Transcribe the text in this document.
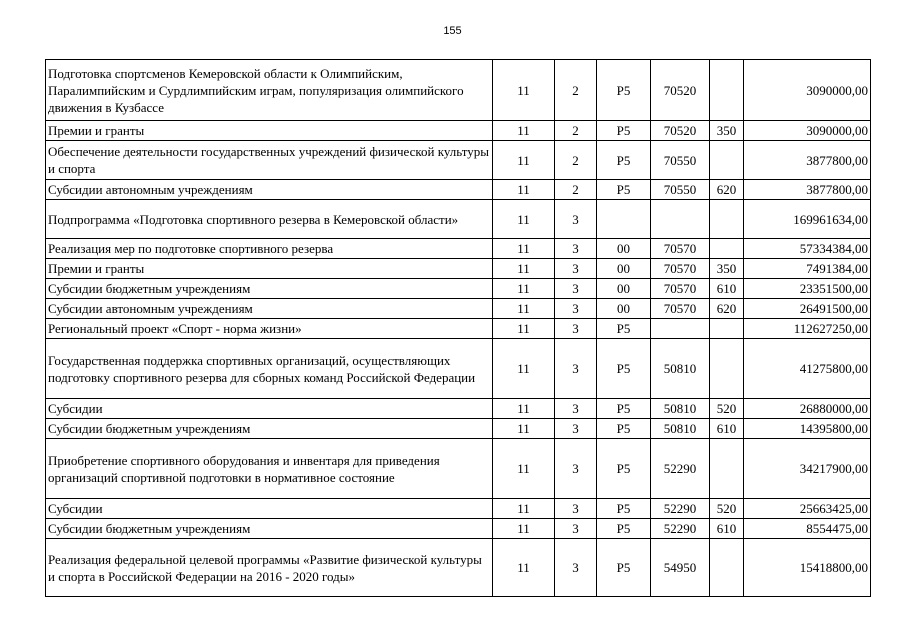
155
Подготовка спортсменов Кемеровской области к Олимпийским, Паралимпийским и Сурдлимпийским играм, популяризация олимпийского движения в Кузбассе	11	2	Р5	70520		3090000,00
Премии и гранты	11	2	Р5	70520	350	3090000,00
Обеспечение деятельности государственных учреждений физической культуры и спорта	11	2	Р5	70550		3877800,00
Субсидии автономным учреждениям	11	2	Р5	70550	620	3877800,00
Подпрограмма «Подготовка спортивного резерва в Кемеровской области»	11	3				169961634,00
Реализация мер по подготовке спортивного резерва	11	3	00	70570		57334384,00
Премии и гранты	11	3	00	70570	350	7491384,00
Субсидии бюджетным учреждениям	11	3	00	70570	610	23351500,00
Субсидии автономным учреждениям	11	3	00	70570	620	26491500,00
Региональный проект «Спорт - норма жизни»	11	3	Р5			112627250,00
Государственная поддержка спортивных организаций, осуществляющих подготовку спортивного резерва для сборных команд Российской Федерации	11	3	Р5	50810		41275800,00
Субсидии	11	3	Р5	50810	520	26880000,00
Субсидии бюджетным учреждениям	11	3	Р5	50810	610	14395800,00
Приобретение спортивного оборудования и инвентаря для приведения организаций спортивной подготовки в нормативное состояние	11	3	Р5	52290		34217900,00
Субсидии	11	3	Р5	52290	520	25663425,00
Субсидии бюджетным учреждениям	11	3	Р5	52290	610	8554475,00
Реализация федеральной целевой программы «Развитие физической культуры и спорта в Российской Федерации на 2016 - 2020 годы»	11	3	Р5	54950		15418800,00
